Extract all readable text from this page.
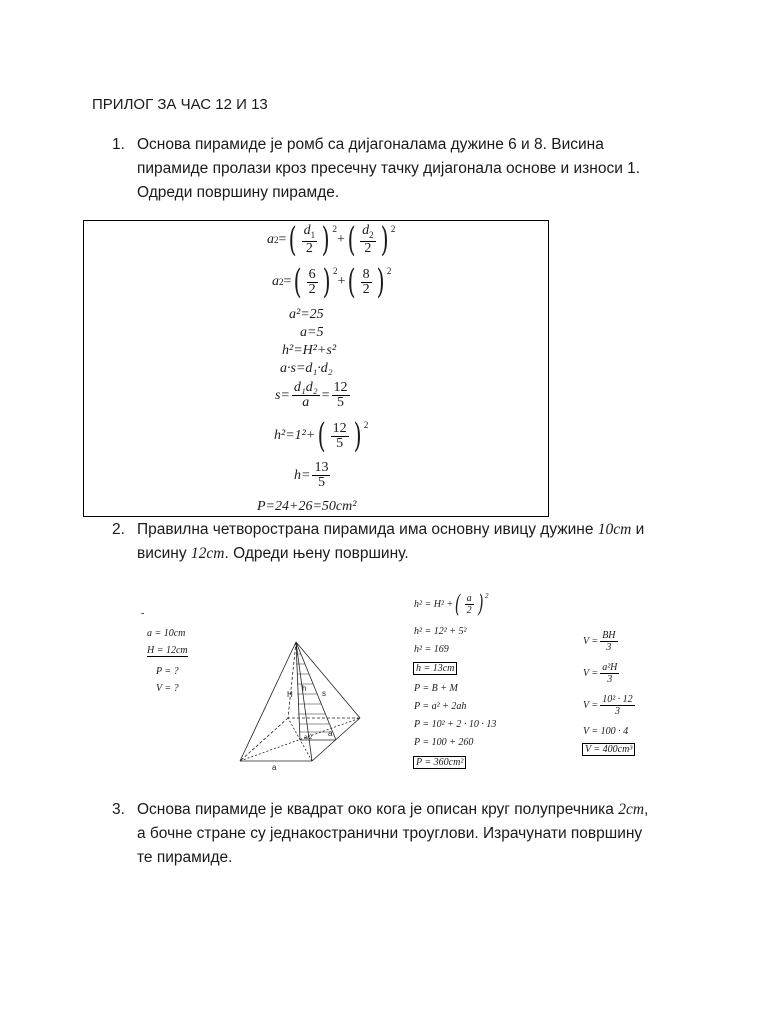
ПРИЛОГ ЗА ЧАС 12 И 13
1. Основа пирамиде је ромб са дијагоналама дужине 6 и 8. Висина
пирамиде пролази кроз пресечну тачку дијагонала основе и износи 1.
Одреди површину пирамде.
a 2 = ( $\frac{d_1}{2}$ ) $^2$
+ ( $\frac{d_2}{2}$ ) $^2$
a 2 = ( $\frac{6}{2}$ ) $^2$
+ ( $\frac{8}{2}$ ) $^2$
a²=25
a=5
h²=H²+s²
a·s=d₁·d₂
$s= \frac{\text{d₁d₂}}{a} = \frac{12}{5}$
h²=1²+ ( $\frac{12}{5}$ ) $^2$
$h= \frac{13}{5}$
P=24+26=50cm²
2. Правилна четворострана пирамида има основну ивицу дужине 10cm и
висину 12cm. Одреди њену површину.
-
a = 10cm
H = 12cm
P = ?
V = ?
H
h
s
a
a
a/2
h² = H² + ( $\frac{a}{2}$ ) $^2$
h² = 12² + 5²
h² = 169
h = 13cm
P = B + M
P = a² + 2ah
P = 10² + 2 · 10 · 13
P = 100 + 260
P = 360cm²
$V = \frac{BH}{3}$
$V = \frac{\text{a²H}}{3}$
$V = \frac{\text{10² · 12}}{3}$
V = 100 · 4
V = 400cm³
3. Основа пирамиде је квадрат око кога је описан круг полупречника 2cm,
а бочне стране су једнакостранични троуглови. Израчунати површину
те пирамиде.
